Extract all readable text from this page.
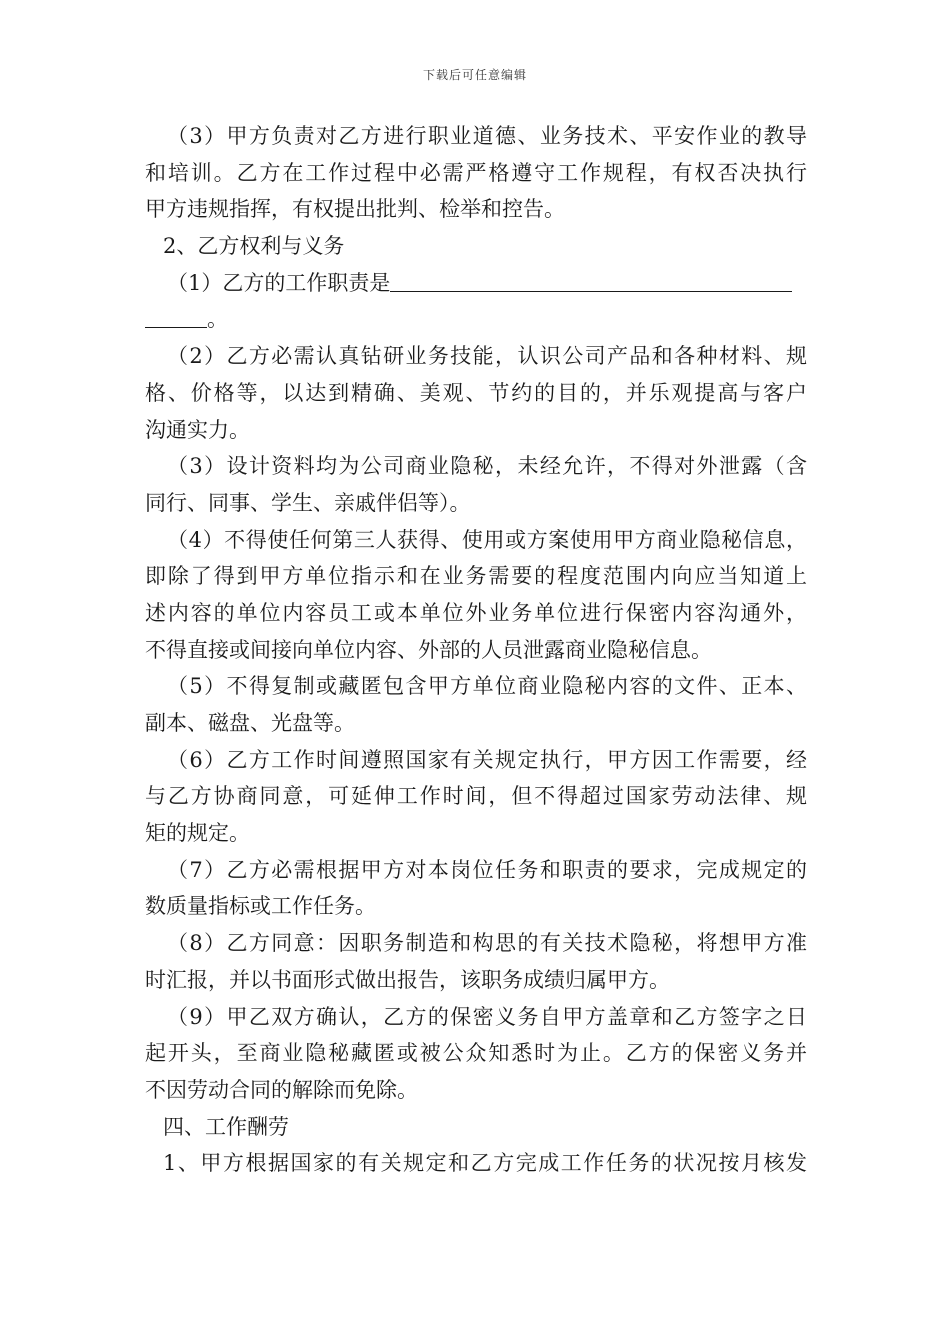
下载后可任意编辑
（3）甲方负责对乙方进行职业道德、业务技术、平安作业的教导
和培训。乙方在工作过程中必需严格遵守工作规程，有权否决执行
甲方违规指挥，有权提出批判、检举和控告。
2、乙方权利与义务
（1）乙方的工作职责是
。
（2）乙方必需认真钻研业务技能，认识公司产品和各种材料、规
格、价格等，以达到精确、美观、节约的目的，并乐观提高与客户
沟通实力。
（3）设计资料均为公司商业隐秘，未经允许，不得对外泄露（含
同行、同事、学生、亲戚伴侣等）。
（4）不得使任何第三人获得、使用或方案使用甲方商业隐秘信息，
即除了得到甲方单位指示和在业务需要的程度范围内向应当知道上
述内容的单位内容员工或本单位外业务单位进行保密内容沟通外，
不得直接或间接向单位内容、外部的人员泄露商业隐秘信息。
（5）不得复制或藏匿包含甲方单位商业隐秘内容的文件、正本、
副本、磁盘、光盘等。
（6）乙方工作时间遵照国家有关规定执行，甲方因工作需要，经
与乙方协商同意，可延伸工作时间，但不得超过国家劳动法律、规
矩的规定。
（7）乙方必需根据甲方对本岗位任务和职责的要求，完成规定的
数质量指标或工作任务。
（8）乙方同意：因职务制造和构思的有关技术隐秘，将想甲方准
时汇报，并以书面形式做出报告，该职务成绩归属甲方。
（9）甲乙双方确认，乙方的保密义务自甲方盖章和乙方签字之日
起开头，至商业隐秘藏匿或被公众知悉时为止。乙方的保密义务并
不因劳动合同的解除而免除。
四、工作酬劳
1、甲方根据国家的有关规定和乙方完成工作任务的状况按月核发
